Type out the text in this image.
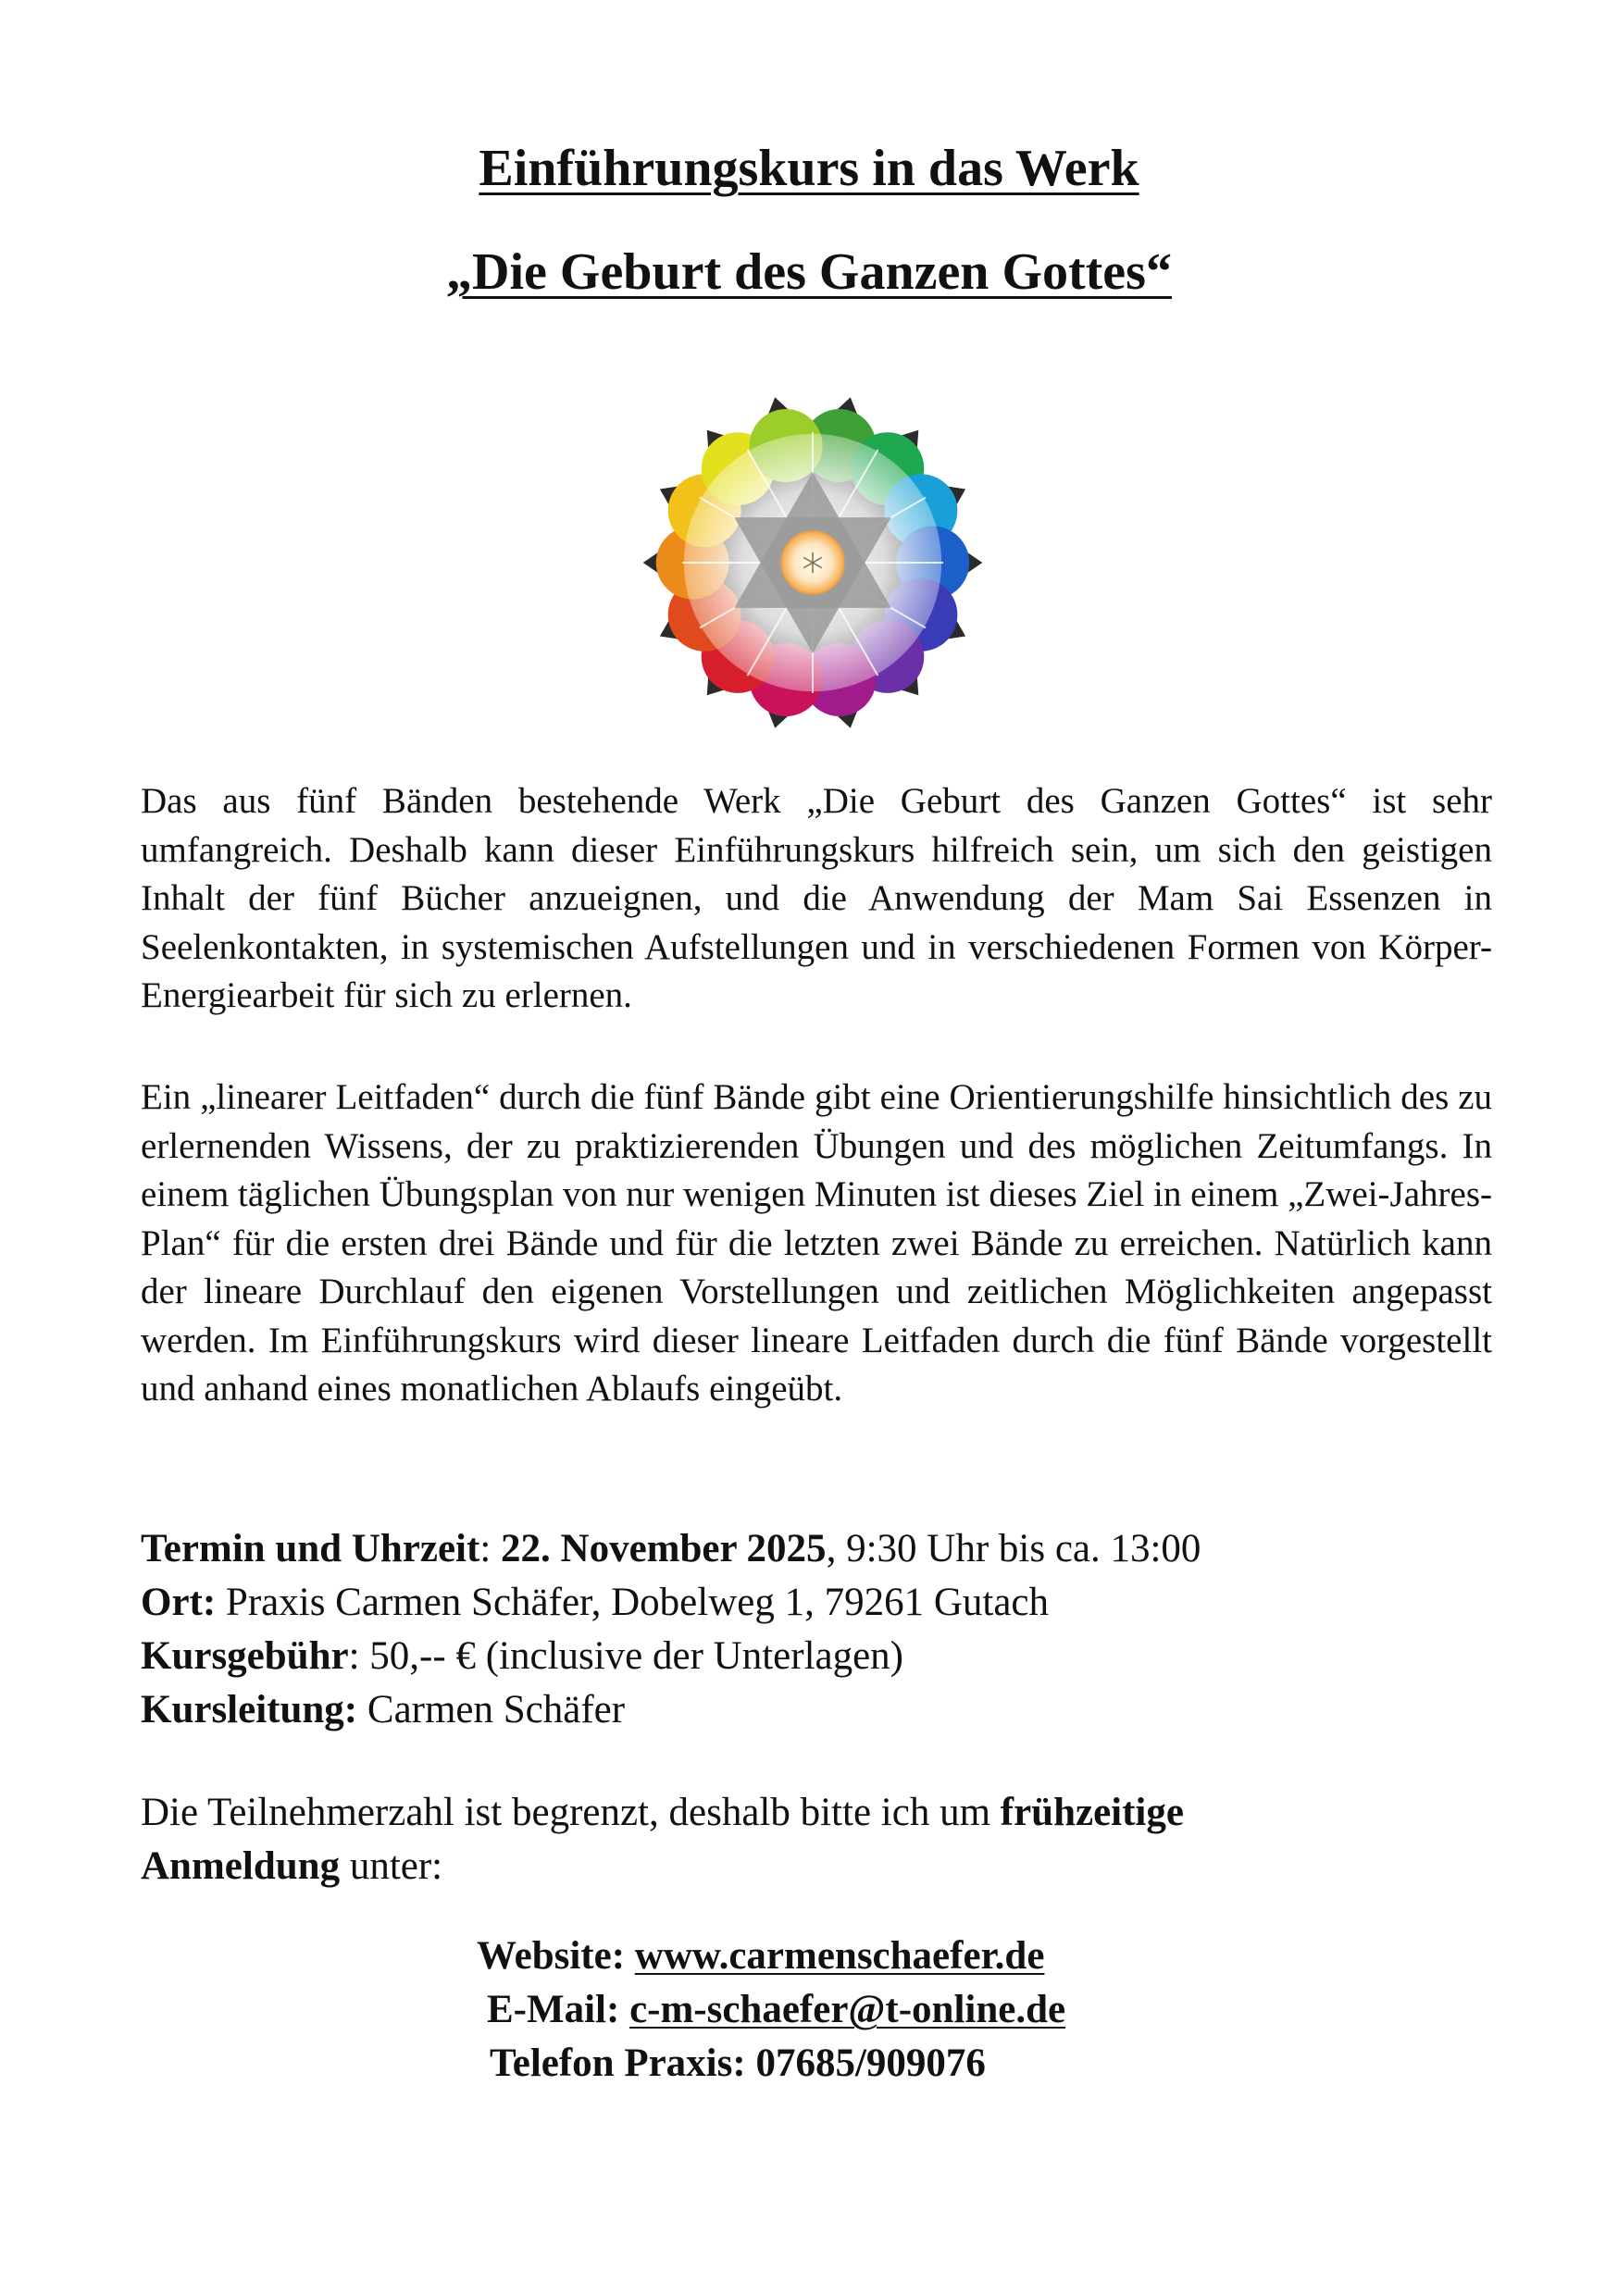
Einführungskurs in das Werk
„Die Geburt des Ganzen Gottes“

Das aus fünf Bänden bestehende Werk „Die Geburt des Ganzen Gottes“ ist sehr umfangreich. Deshalb kann dieser Einführungskurs hilfreich sein, um sich den geistigen Inhalt der fünf Bücher anzueignen, und die Anwendung der Mam Sai Essenzen in Seelenkontakten, in systemischen Aufstellungen und in verschiedenen Formen von Körper-Energiearbeit für sich zu erlernen.

Ein „linearer Leitfaden“ durch die fünf Bände gibt eine Orientierungshilfe hinsichtlich des zu erlernenden Wissens, der zu praktizierenden Übungen und des möglichen Zeitumfangs. In einem täglichen Übungsplan von nur wenigen Minuten ist dieses Ziel in einem „Zwei-Jahres-Plan“ für die ersten drei Bände und für die letzten zwei Bände zu erreichen. Natürlich kann der lineare Durchlauf den eigenen Vorstellungen und zeitlichen Möglichkeiten angepasst werden. Im Einführungskurs wird dieser lineare Leitfaden durch die fünf Bände vorgestellt und anhand eines monatlichen Ablaufs eingeübt.

Termin und Uhrzeit: 22. November 2025, 9:30 Uhr bis ca. 13:00
Ort: Praxis Carmen Schäfer, Dobelweg 1, 79261 Gutach
Kursgebühr: 50,-- € (inclusive der Unterlagen)
Kursleitung: Carmen Schäfer

Die Teilnehmerzahl ist begrenzt, deshalb bitte ich um frühzeitige
Anmeldung unter:

Website: www.carmenschaefer.de
E-Mail: c-m-schaefer@t-online.de
Telefon Praxis: 07685/909076
